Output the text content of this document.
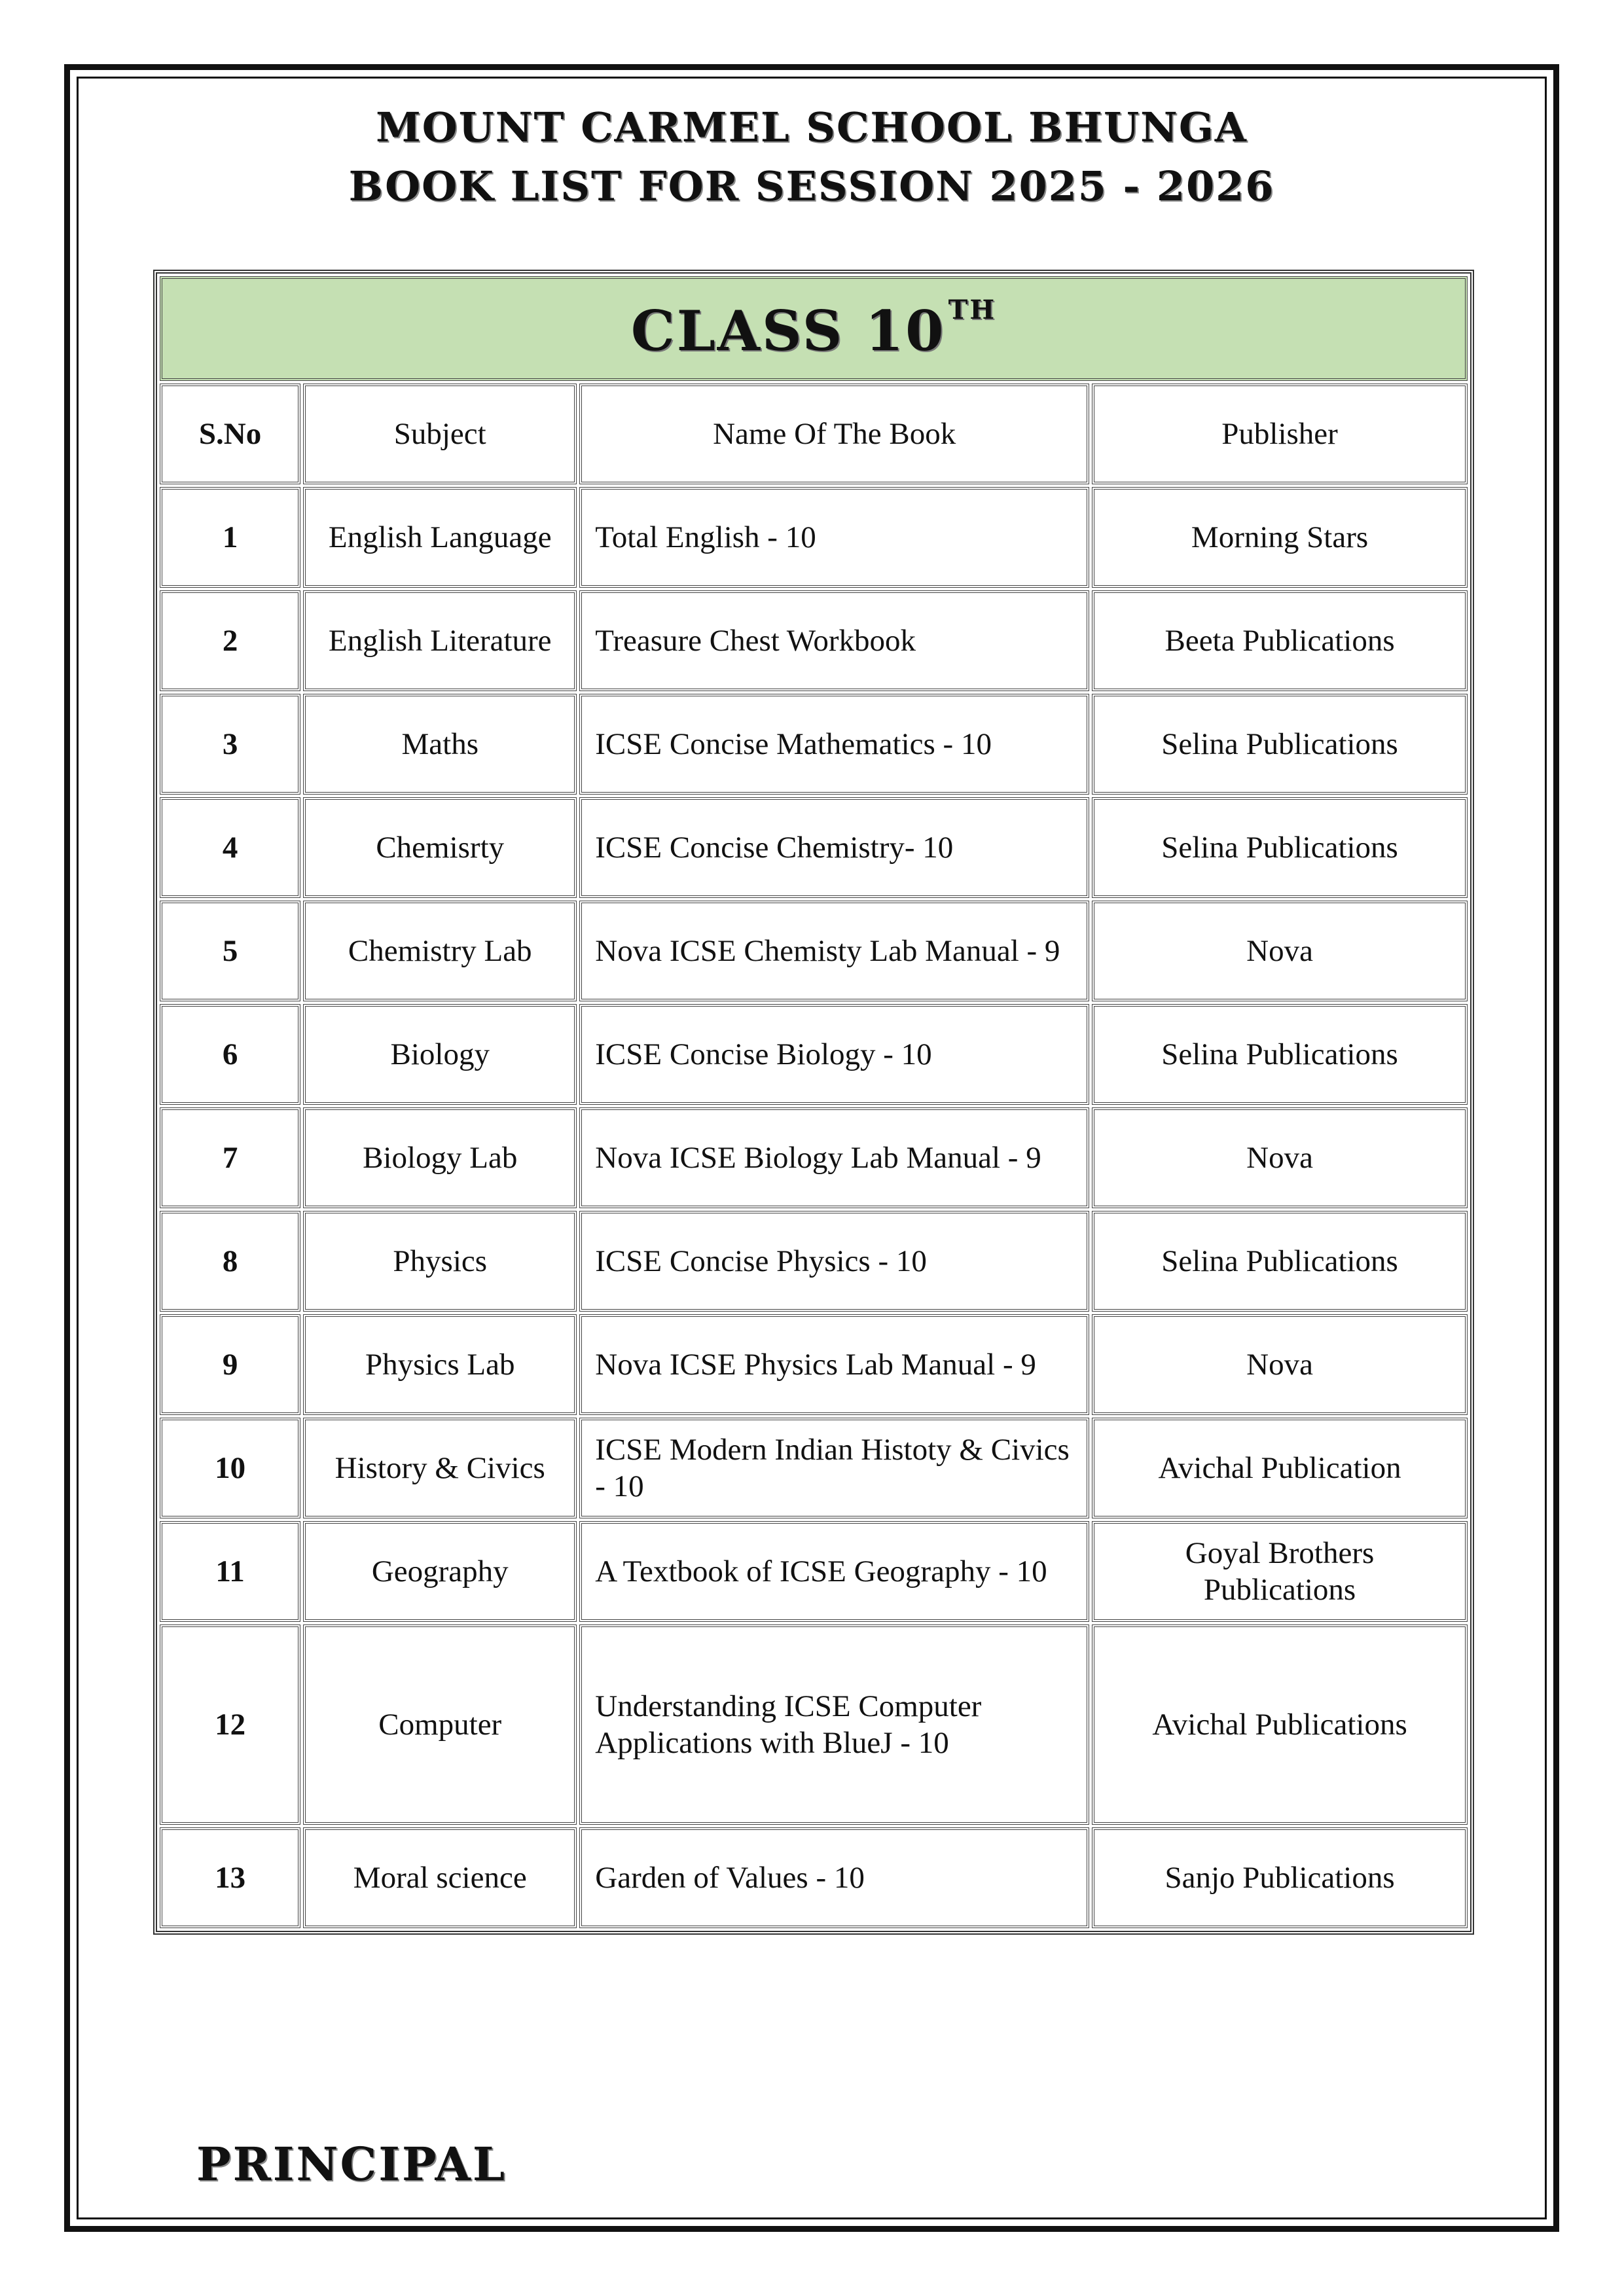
MOUNT CARMEL SCHOOL BHUNGA
BOOK LIST FOR SESSION 2025 - 2026
CLASS 10 $^{TH}$
S.No	Subject	Name Of The Book	Publisher
1	English Language	Total English - 10	Morning Stars
2	English Literature	Treasure Chest Workbook	Beeta Publications
3	Maths	ICSE Concise Mathematics - 10	Selina Publications
4	Chemisrty	ICSE Concise Chemistry- 10	Selina Publications
5	Chemistry Lab	Nova ICSE Chemisty Lab Manual - 9	Nova
6	Biology	ICSE Concise Biology - 10	Selina Publications
7	Biology Lab	Nova ICSE Biology Lab Manual - 9	Nova
8	Physics	ICSE Concise Physics - 10	Selina Publications
9	Physics Lab	Nova ICSE Physics Lab Manual - 9	Nova
10	History & Civics	ICSE Modern Indian Histoty & Civics - 10	Avichal Publication
11	Geography	A Textbook of ICSE Geography - 10	Goyal Brothers Publications
12	Computer	Understanding ICSE Computer Applications with BlueJ - 10	Avichal Publications
13	Moral science	Garden of Values - 10	Sanjo Publications
PRINCIPAL
